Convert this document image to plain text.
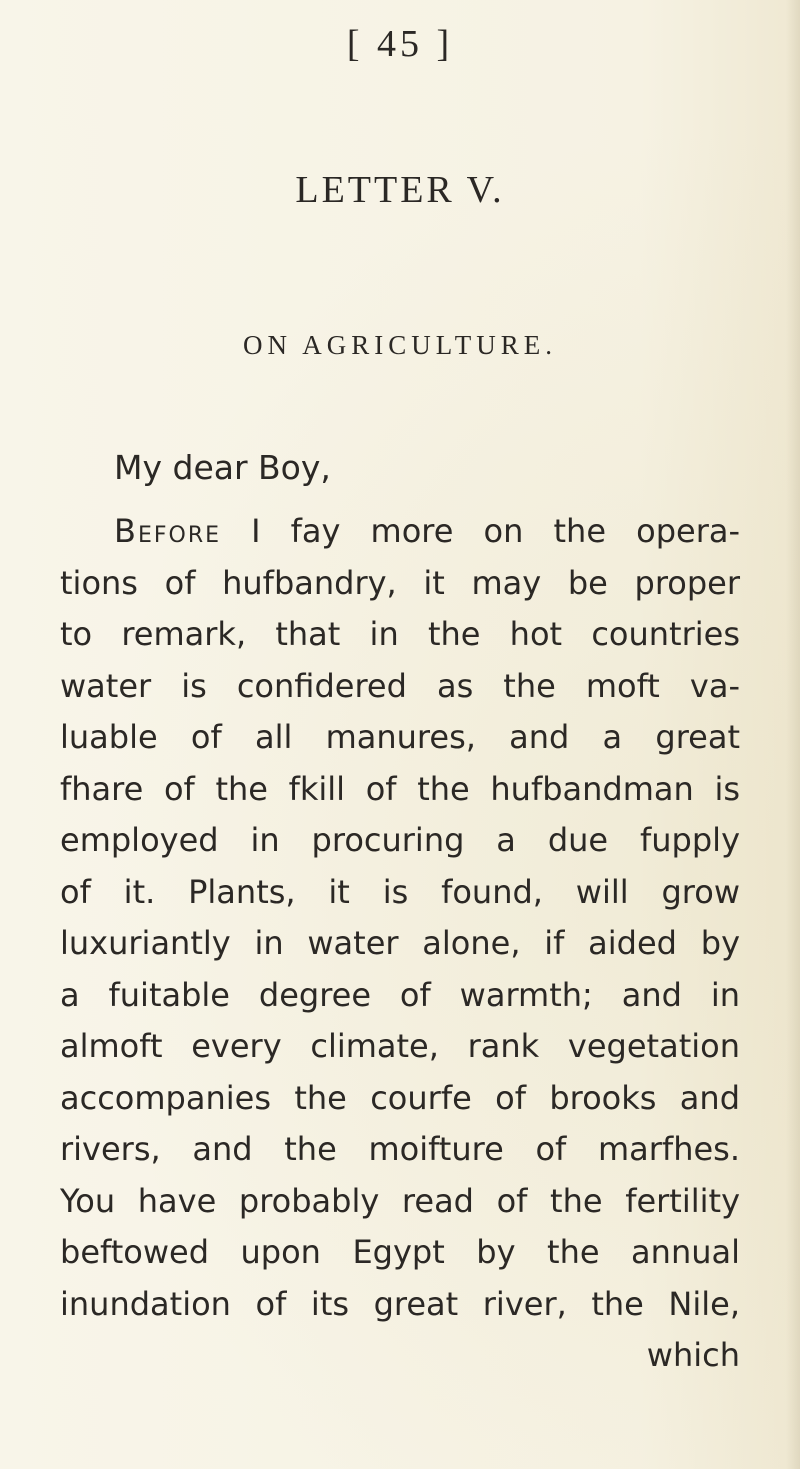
[ 45 ]
LETTER V.
ON AGRICULTURE.
My dear Boy,
Before I fay more on the opera-
tions of hufbandry, it may be proper
to remark, that in the hot countries
water is confidered as the moft va-
luable of all manures, and a great
fhare of the fkill of the hufbandman is
employed in procuring a due fupply
of it. Plants, it is found, will grow
luxuriantly in water alone, if aided by
a fuitable degree of warmth; and in
almoft every climate, rank vegetation
accompanies the courfe of brooks and
rivers, and the moifture of marfhes.
You have probably read of the fertility
beftowed upon Egypt by the annual
inundation of its great river, the Nile,
which
